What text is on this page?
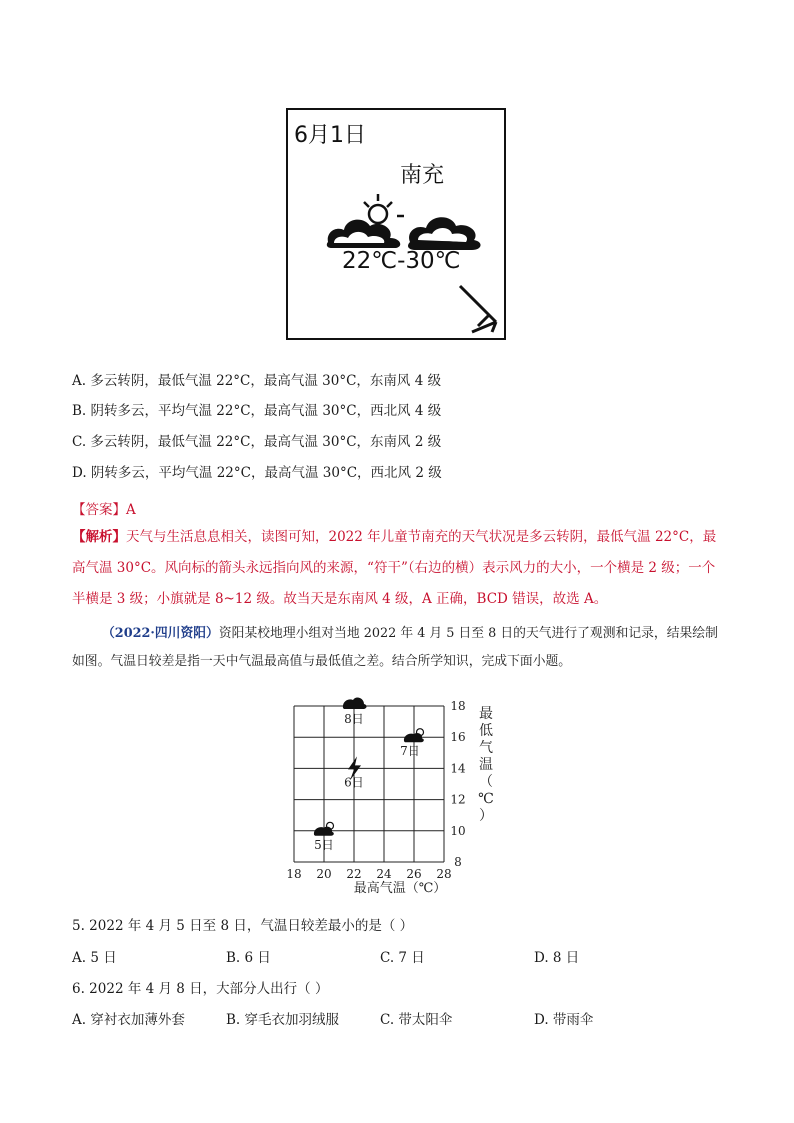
6月1日
南充
22℃-30℃
A. 多云转阴，最低气温 22°C，最高气温 30°C，东南风 4 级
B. 阴转多云，平均气温 22°C，最高气温 30°C，西北风 4 级
C. 多云转阴，最低气温 22°C，最高气温 30°C，东南风 2 级
D. 阴转多云，平均气温 22°C，最高气温 30°C，西北风 2 级
【答案】A
【解析】天气与生活息息相关，读图可知，2022 年儿童节南充的天气状况是多云转阴，最低气温 22°C，最高气温 30°C。风向标的箭头永远指向风的来源，“符干”（右边的横）表示风力的大小，一个横是 2 级；一个半横是 3 级；小旗就是 8~12 级。故当天是东南风 4 级，A 正确，BCD 错误，故选 A。
（2022·四川资阳）资阳某校地理小组对当地 2022 年 4 月 5 日至 8 日的天气进行了观测和记录，结果绘制如图。气温日较差是指一天中气温最高值与最低值之差。结合所学知识，完成下面小题。
18 20 22 24 26 28
8
10
12
14
16
18
5日
6日
7日
8日
最高气温（℃）
最
低
气
温
（
℃
）
5. 2022 年 4 月 5 日至 8 日，气温日较差最小的是（ ）
A. 5 日	B. 6 日	C. 7 日	D. 8 日
6. 2022 年 4 月 8 日，大部分人出行（ ）
A. 穿衬衣加薄外套	B. 穿毛衣加羽绒服	C. 带太阳伞	D. 带雨伞
